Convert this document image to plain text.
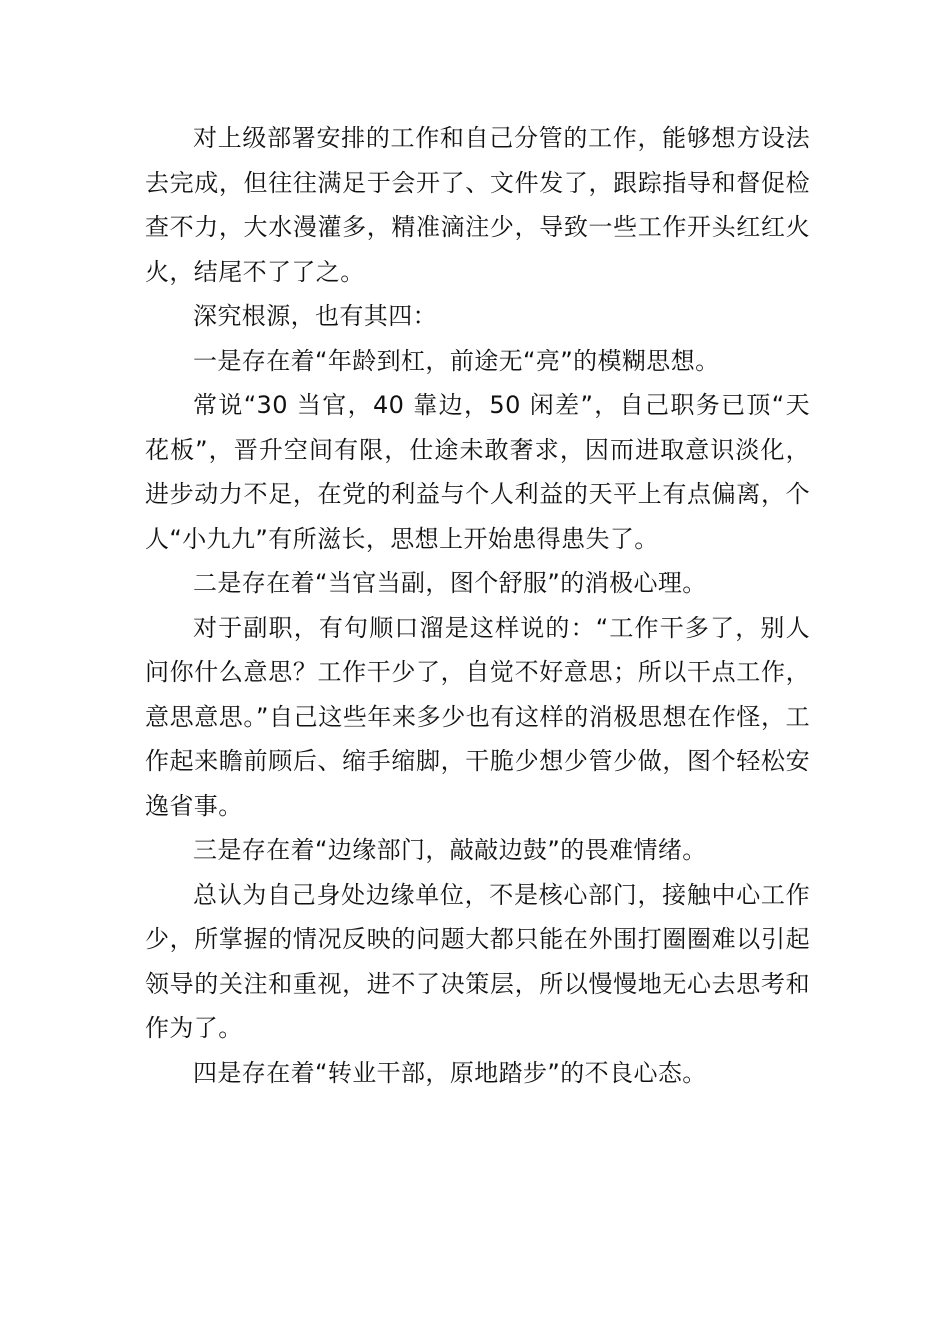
对上级部署安排的工作和自己分管的工作，能够想方设法去完成，但往往满足于会开了、文件发了，跟踪指导和督促检查不力，大水漫灌多，精准滴注少，导致一些工作开头红红火火，结尾不了了之。

深究根源，也有其四：

一是存在着“年龄到杠，前途无“亮”的模糊思想。

常说“30 当官，40 靠边，50 闲差”，自己职务已顶“天花板”，晋升空间有限，仕途未敢奢求，因而进取意识淡化，进步动力不足，在党的利益与个人利益的天平上有点偏离，个人“小九九”有所滋长，思想上开始患得患失了。

二是存在着“当官当副，图个舒服”的消极心理。

对于副职，有句顺口溜是这样说的：“工作干多了，别人问你什么意思？工作干少了，自觉不好意思；所以干点工作，意思意思。”自己这些年来多少也有这样的消极思想在作怪，工作起来瞻前顾后、缩手缩脚，干脆少想少管少做，图个轻松安逸省事。

三是存在着“边缘部门，敲敲边鼓”的畏难情绪。

总认为自己身处边缘单位，不是核心部门，接触中心工作少，所掌握的情况反映的问题大都只能在外围打圈圈难以引起领导的关注和重视，进不了决策层，所以慢慢地无心去思考和作为了。

四是存在着“转业干部，原地踏步”的不良心态。
